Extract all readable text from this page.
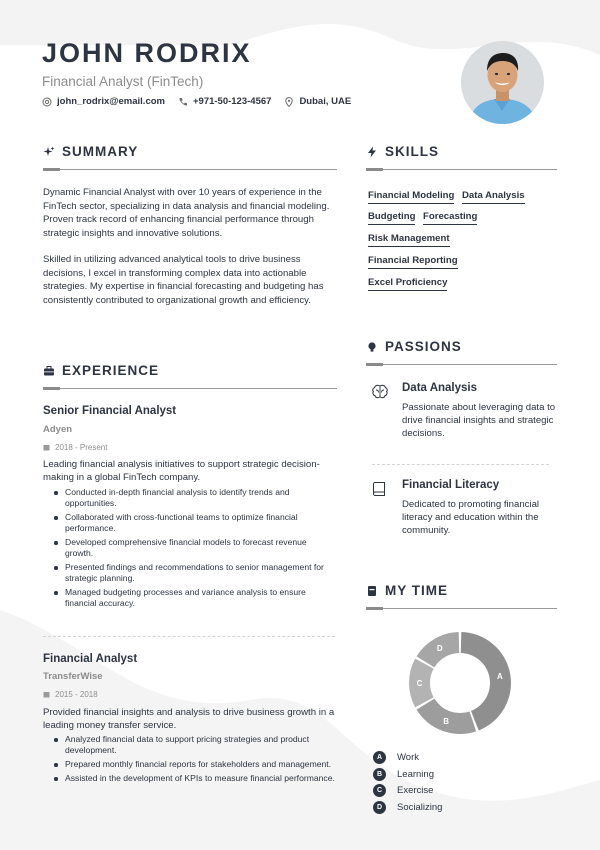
JOHN RODRIX
Financial Analyst (FinTech)
john_rodrix@email.com	+971-50-123-4567	Dubai, UAE
SUMMARY

Dynamic Financial Analyst with over 10 years of experience in the FinTech sector, specializing in data analysis and financial modeling. Proven track record of enhancing financial performance through strategic insights and innovative solutions.

Skilled in utilizing advanced analytical tools to drive business decisions, I excel in transforming complex data into actionable strategies. My expertise in financial forecasting and budgeting has consistently contributed to organizational growth and efficiency.

EXPERIENCE
Senior Financial Analyst
Adyen
2018 - Present

Leading financial analysis initiatives to support strategic decision-making in a global FinTech company.

Conducted in-depth financial analysis to identify trends and opportunities.
Collaborated with cross-functional teams to optimize financial performance.
Developed comprehensive financial models to forecast revenue growth.
Presented findings and recommendations to senior management for strategic planning.
Managed budgeting processes and variance analysis to ensure financial accuracy.
Financial Analyst
TransferWise
2015 - 2018

Provided financial insights and analysis to drive business growth in a leading money transfer service.

Analyzed financial data to support pricing strategies and product development.
Prepared monthly financial reports for stakeholders and management.
Assisted in the development of KPIs to measure financial performance.
SKILLS
Financial Modeling Data Analysis
Budgeting Forecasting
Risk Management
Financial Reporting
Excel Proficiency
PASSIONS
Data Analysis

Passionate about leveraging data to drive financial insights and strategic decisions.

Financial Literacy

Dedicated to promoting financial literacy and education within the community.

MY TIME
A
B
C
D
A	Work
B	Learning
C	Exercise
D	Socializing
